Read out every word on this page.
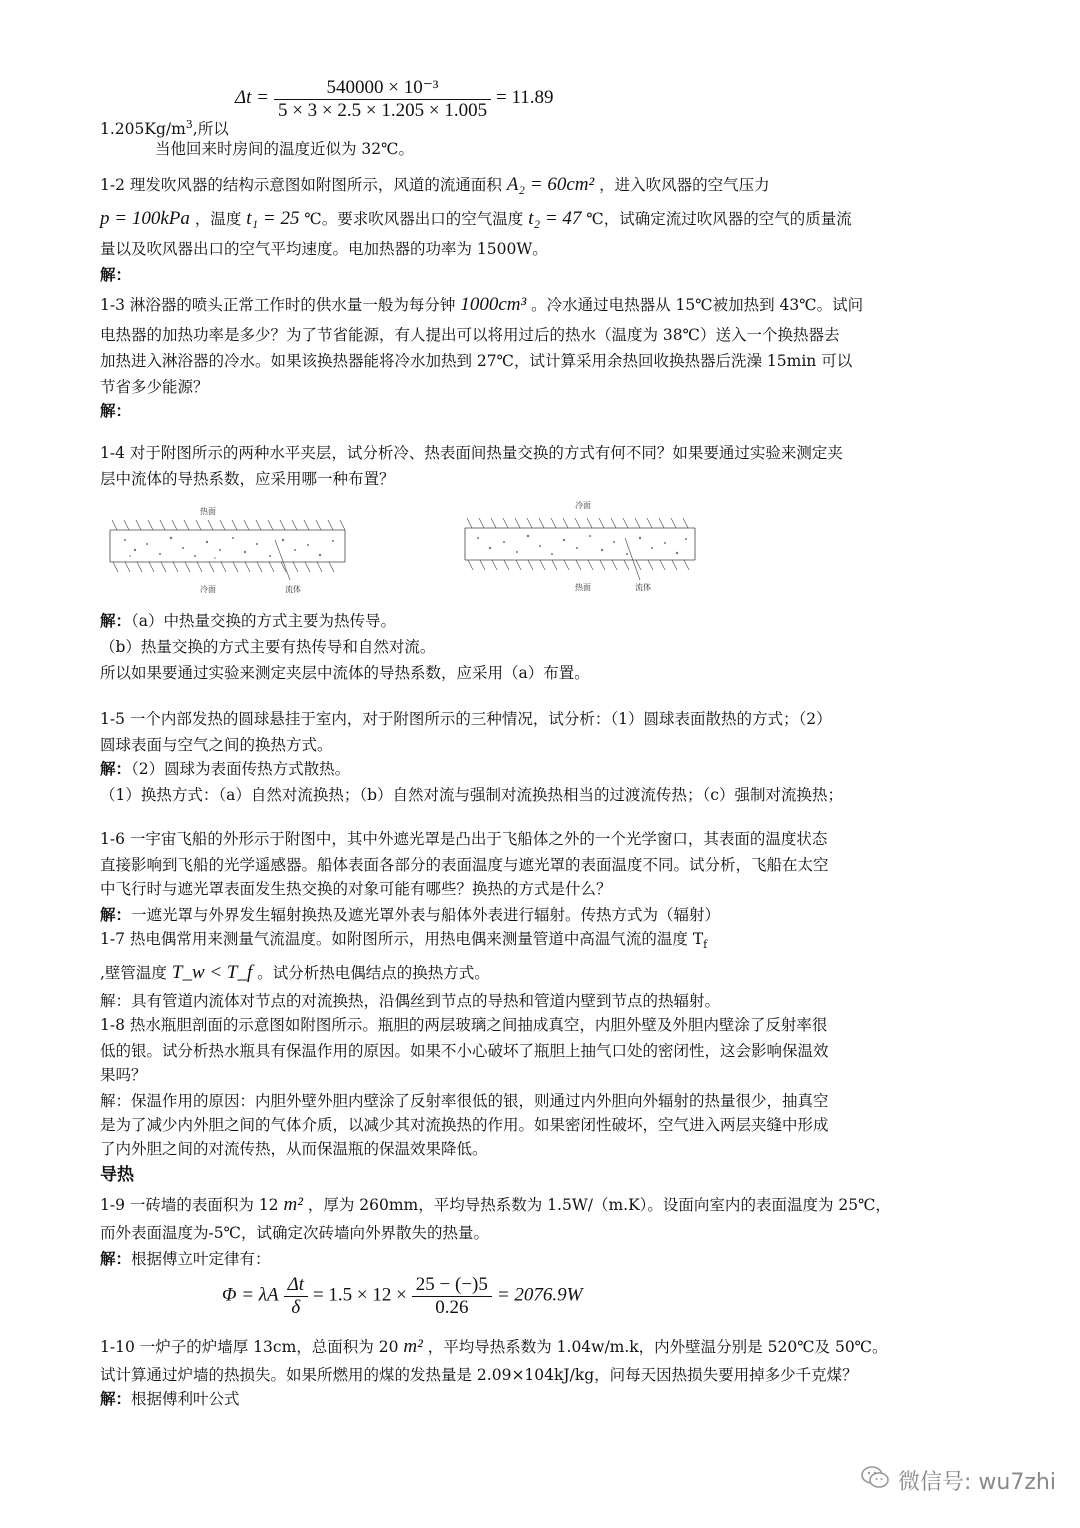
$\Delta t = \frac{\text{540000 × 10⁻³}}{5 \times 3 \times 2.5 \times 1.205 \times 1.005} = 11.89$
$1.205Kg/m^3$,所以
当他回来时房间的温度近似为 32℃。
1-2 理发吹风器的结构示意图如附图所示，风道的流通面积 A₂ = 60cm² ，进入吹风器的空气压力
p = 100kPa ，温度 t₁ = 25 ℃。要求吹风器出口的空气温度 t₂ = 47 ℃，试确定流过吹风器的空气的质量流
量以及吹风器出口的空气平均速度。电加热器的功率为 1500W。
解：
1-3 淋浴器的喷头正常工作时的供水量一般为每分钟 1000cm³ 。冷水通过电热器从 15℃被加热到 43℃。试问
电热器的加热功率是多少？为了节省能源，有人提出可以将用过后的热水（温度为 38℃）送入一个换热器去
加热进入淋浴器的冷水。如果该换热器能将冷水加热到 27℃，试计算采用余热回收换热器后洗澡 15min 可以
节省多少能源？
解：
1-4 对于附图所示的两种水平夹层，试分析冷、热表面间热量交换的方式有何不同？如果要通过实验来测定夹
层中流体的导热系数，应采用哪一种布置？
热面
冷面	流体
冷面
热面	流体
解：（a）中热量交换的方式主要为热传导。
（b）热量交换的方式主要有热传导和自然对流。
所以如果要通过实验来测定夹层中流体的导热系数，应采用（a）布置。
1-5 一个内部发热的圆球悬挂于室内，对于附图所示的三种情况，试分析：（1）圆球表面散热的方式；（2）
圆球表面与空气之间的换热方式。
解：（2）圆球为表面传热方式散热。
（1）换热方式：（a）自然对流换热；（b）自然对流与强制对流换热相当的过渡流传热；（c）强制对流换热；
1-6 一宇宙飞船的外形示于附图中，其中外遮光罩是凸出于飞船体之外的一个光学窗口，其表面的温度状态
直接影响到飞船的光学遥感器。船体表面各部分的表面温度与遮光罩的表面温度不同。试分析，飞船在太空
中飞行时与遮光罩表面发生热交换的对象可能有哪些？换热的方式是什么？
解：一遮光罩与外界发生辐射换热及遮光罩外表与船体外表进行辐射。传热方式为（辐射）
1-7 热电偶常用来测量气流温度。如附图所示，用热电偶来测量管道中高温气流的温度 $T_f$
,壁管温度 T_w < T_f 。试分析热电偶结点的换热方式。
解：具有管道内流体对节点的对流换热，沿偶丝到节点的导热和管道内壁到节点的热辐射。
1-8 热水瓶胆剖面的示意图如附图所示。瓶胆的两层玻璃之间抽成真空，内胆外壁及外胆内壁涂了反射率很
低的银。试分析热水瓶具有保温作用的原因。如果不小心破坏了瓶胆上抽气口处的密闭性，这会影响保温效
果吗？
解：保温作用的原因：内胆外壁外胆内壁涂了反射率很低的银，则通过内外胆向外辐射的热量很少，抽真空
是为了减少内外胆之间的气体介质，以减少其对流换热的作用。如果密闭性破坏，空气进入两层夹缝中形成
了内外胆之间的对流传热，从而保温瓶的保温效果降低。
导热
1-9 一砖墙的表面积为 12 m² ，厚为 260mm，平均导热系数为 1.5W/（m.K）。设面向室内的表面温度为 25℃，
而外表面温度为-5℃，试确定次砖墙向外界散失的热量。
解：根据傅立叶定律有：
Φ = λA $\frac{\Delta t}{\delta} = 1.5 \times 12 \times \frac{25 - (-)5}{0.26} = 2076.9W$
1-10 一炉子的炉墙厚 13cm，总面积为 20 m² ，平均导热系数为 1.04w/m.k，内外壁温分别是 520℃及 50℃。
试计算通过炉墙的热损失。如果所燃用的煤的发热量是 2.09×104kJ/kg，问每天因热损失要用掉多少千克煤？
解：根据傅利叶公式
微信号: wu7zhi
